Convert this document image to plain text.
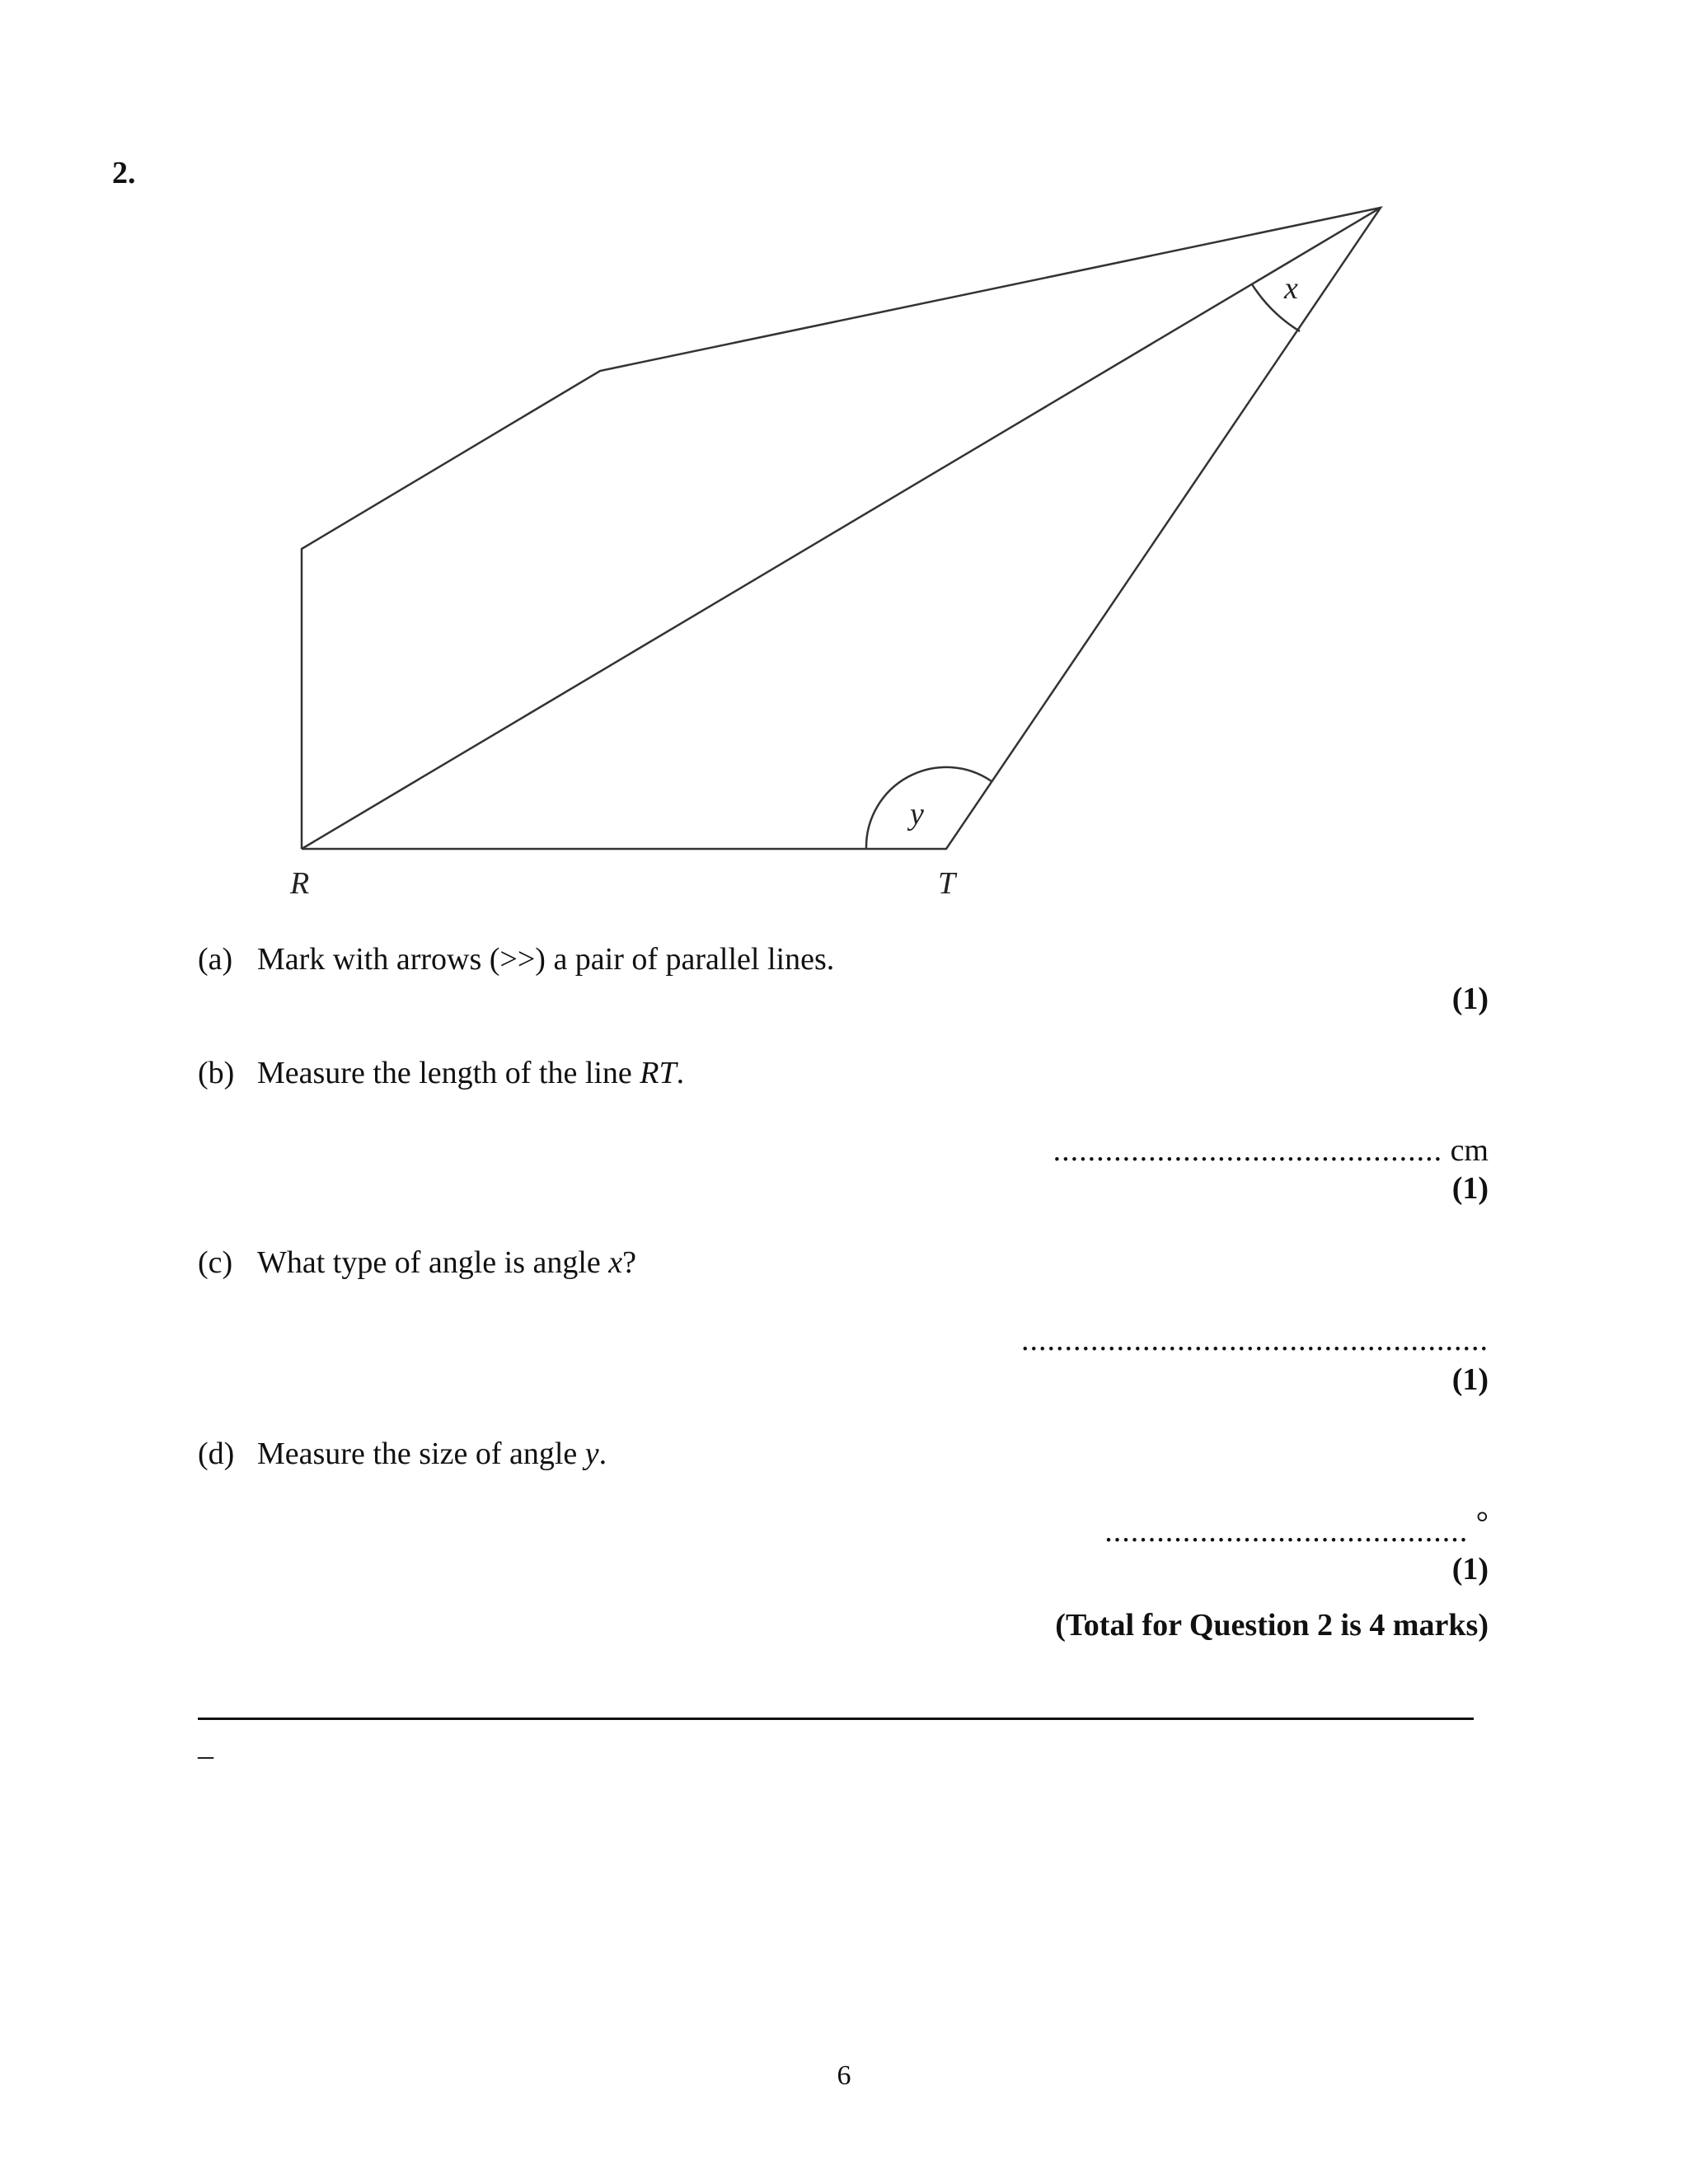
2.
R	T
x
y
(a) Mark with arrows (>>) a pair of parallel lines.
(1)
(b) Measure the length of the line RT.
............................................. cm
(1)
(c) What type of angle is angle x?
......................................................
(1)
(d) Measure the size of angle y.
.......................................... °
(1)
(Total for Question 2 is 4 marks)
–
6
